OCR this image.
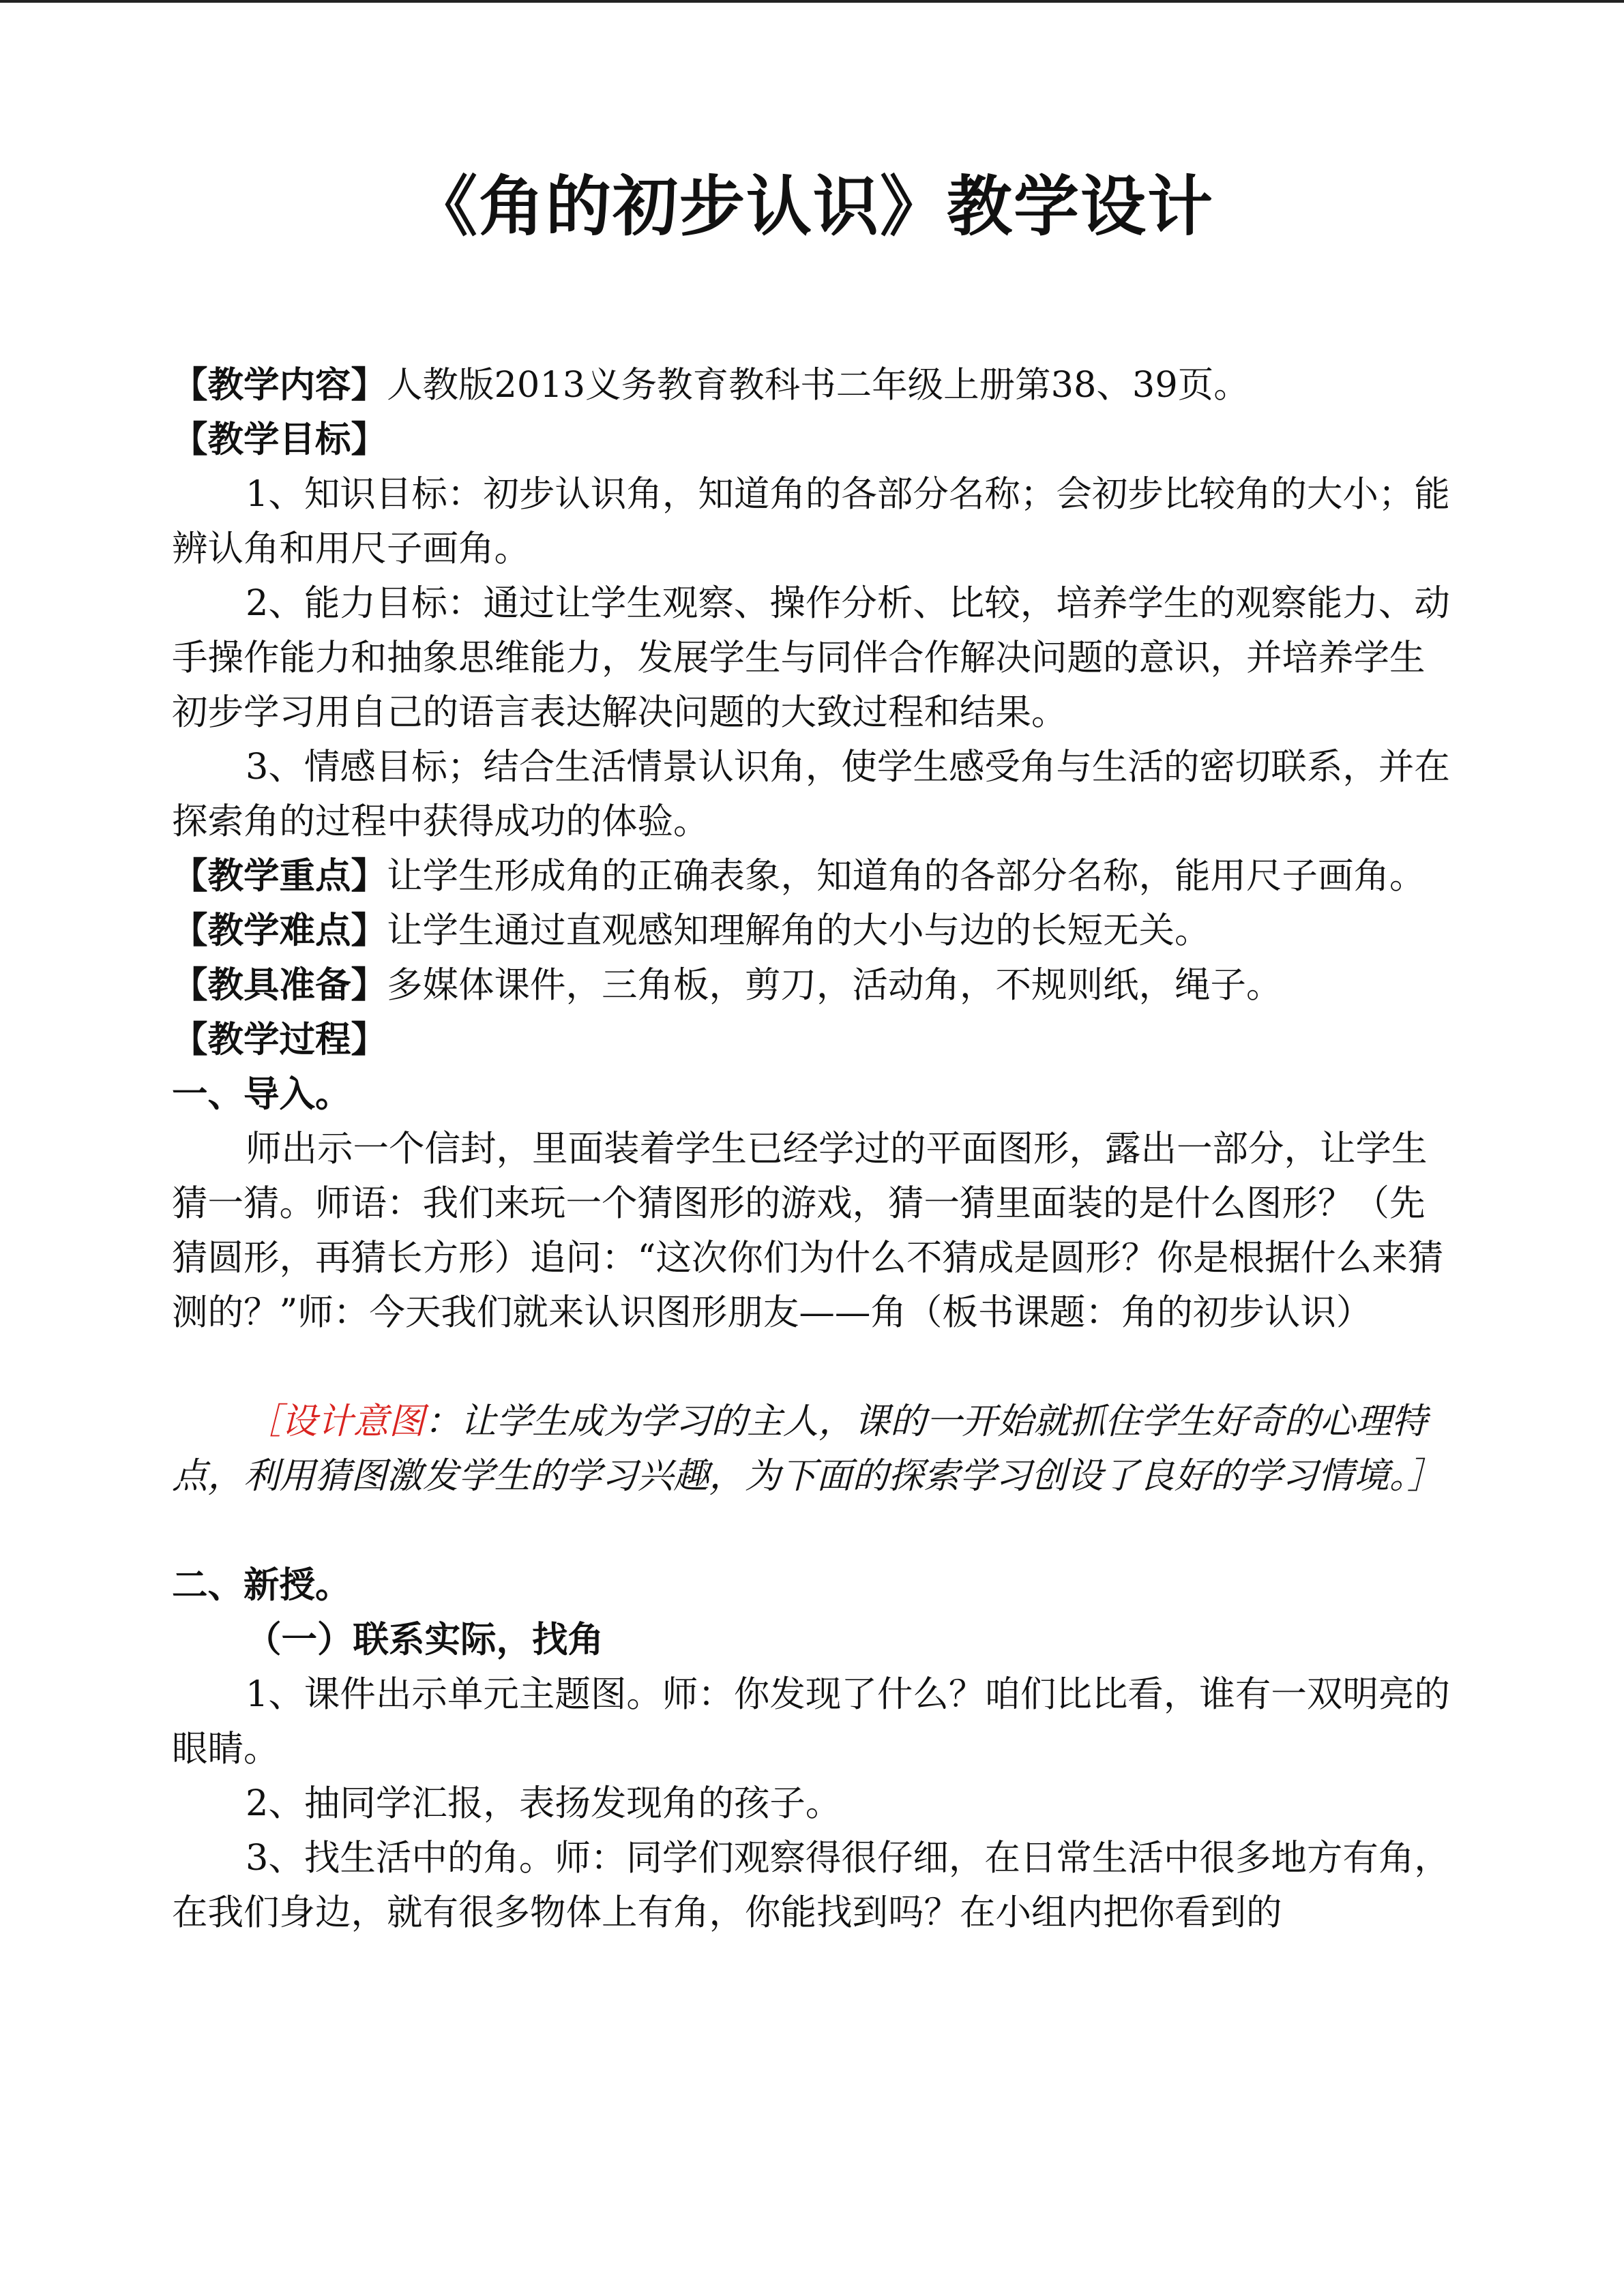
《角的初步认识》教学设计

【教学内容】人教版2013义务教育教科书二年级上册第38、39页。

【教学目标】

1、知识目标：初步认识角，知道角的各部分名称；会初步比较角的大小；能辨认角和用尺子画角。

2、能力目标：通过让学生观察、操作分析、比较，培养学生的观察能力、动手操作能力和抽象思维能力，发展学生与同伴合作解决问题的意识，并培养学生初步学习用自己的语言表达解决问题的大致过程和结果。

3、情感目标；结合生活情景认识角，使学生感受角与生活的密切联系，并在探索角的过程中获得成功的体验。

【教学重点】让学生形成角的正确表象，知道角的各部分名称，能用尺子画角。

【教学难点】让学生通过直观感知理解角的大小与边的长短无关。

【教具准备】多媒体课件，三角板，剪刀，活动角，不规则纸，绳子。

【教学过程】

一、导入。

师出示一个信封，里面装着学生已经学过的平面图形，露出一部分，让学生猜一猜。师语：我们来玩一个猜图形的游戏，猜一猜里面装的是什么图形？（先猜圆形，再猜长方形）追问：“这次你们为什么不猜成是圆形？你是根据什么来猜测的？”师：今天我们就来认识图形朋友——角（板书课题：角的初步认识）

［设计意图：让学生成为学习的主人，课的一开始就抓住学生好奇的心理特点，利用猜图激发学生的学习兴趣，为下面的探索学习创设了良好的学习情境。］

二、新授。

（一）联系实际，找角

1、课件出示单元主题图。师：你发现了什么？咱们比比看，谁有一双明亮的眼睛。

2、抽同学汇报，表扬发现角的孩子。

3、找生活中的角。师：同学们观察得很仔细，在日常生活中很多地方有角，在我们身边，就有很多物体上有角，你能找到吗？在小组内把你看到的
